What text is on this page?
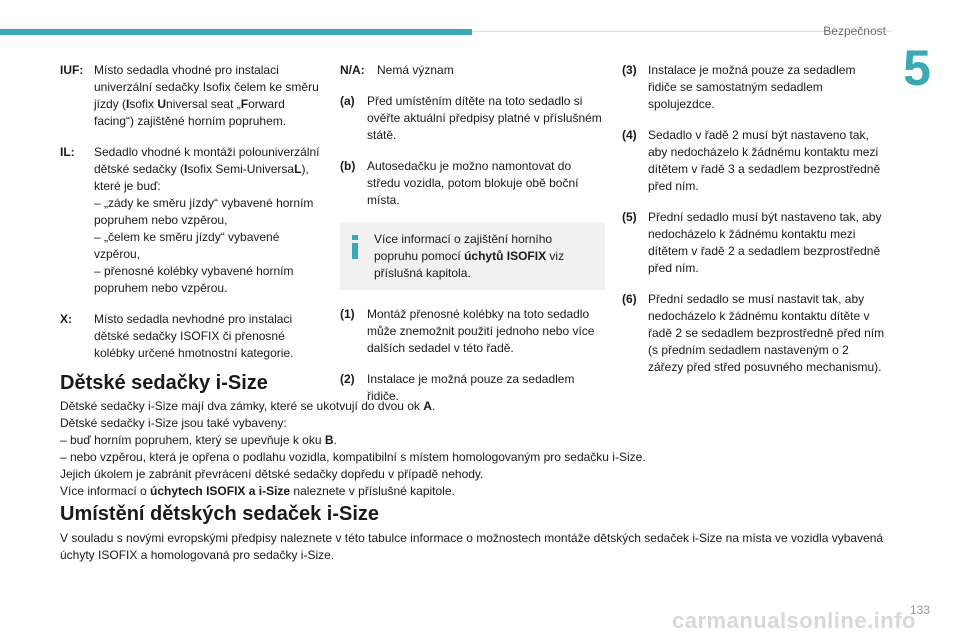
Bezpečnost
5
IUF: Místo sedadla vhodné pro instalaci univerzální sedačky Isofix čelem ke směru jízdy (Isofix Universal seat „Forward facing“) zajištěné horním popruhem.
IL:	Sedadlo vhodné k montáži polouniverzální dětské sedačky (Isofix Semi-UniversaL), které je buď:
– „zády ke směru jízdy“ vybavené horním popruhem nebo vzpěrou,
– „čelem ke směru jízdy“ vybavené vzpěrou,
– přenosné kolébky vybavené horním popruhem nebo vzpěrou.
X:	Místo sedadla nevhodné pro instalaci dětské sedačky ISOFIX či přenosné kolébky určené hmotnostní kategorie.
N/A:	Nemá význam
(a)	Před umístěním dítěte na toto sedadlo si ověřte aktuální předpisy platné v příslušném státě.
(b) Autosedačku je možno namontovat do středu vozidla, potom blokuje obě boční místa.
Více informací o zajištění horního popruhu pomocí úchytů ISOFIX viz příslušná kapitola.
(1)	Montáž přenosné kolébky na toto sedadlo může znemožnit použití jednoho nebo více dalších sedadel v této řadě.
(2)	Instalace je možná pouze za sedadlem řidiče.
(3) Instalace je možná pouze za sedadlem řidiče se samostatným sedadlem spolujezdce.
(4) Sedadlo v řadě 2 musí být nastaveno tak, aby nedocházelo k žádnému kontaktu mezi dítětem v řadě 3 a sedadlem bezprostředně před ním.
(5) Přední sedadlo musí být nastaveno tak, aby nedocházelo k žádnému kontaktu mezi dítětem v řadě 2 a sedadlem bezprostředně před ním.
(6) Přední sedadlo se musí nastavit tak, aby nedocházelo k žádnému kontaktu dítěte v řadě 2 se sedadlem bezprostředně před ním (s předním sedadlem nastaveným o 2 zářezy před střed posuvného mechanismu).
Dětské sedačky i-Size
Dětské sedačky i-Size mají dva zámky, které se ukotvují do dvou ok A.
Dětské sedačky i-Size jsou také vybaveny:
– buď horním popruhem, který se upevňuje k oku B.
– nebo vzpěrou, která je opřena o podlahu vozidla, kompatibilní s místem homologovaným pro sedačku i-Size.
Jejich úkolem je zabránit převrácení dětské sedačky dopředu v případě nehody.
Více informací o úchytech ISOFIX a i-Size naleznete v příslušné kapitole.
Umístění dětských sedaček i-Size
V souladu s novými evropskými předpisy naleznete v této tabulce informace o možnostech montáže dětských sedaček i-Size na místa ve vozidla vybavená úchyty ISOFIX a homologovaná pro sedačky i-Size.
carmanualsonline.info
133
